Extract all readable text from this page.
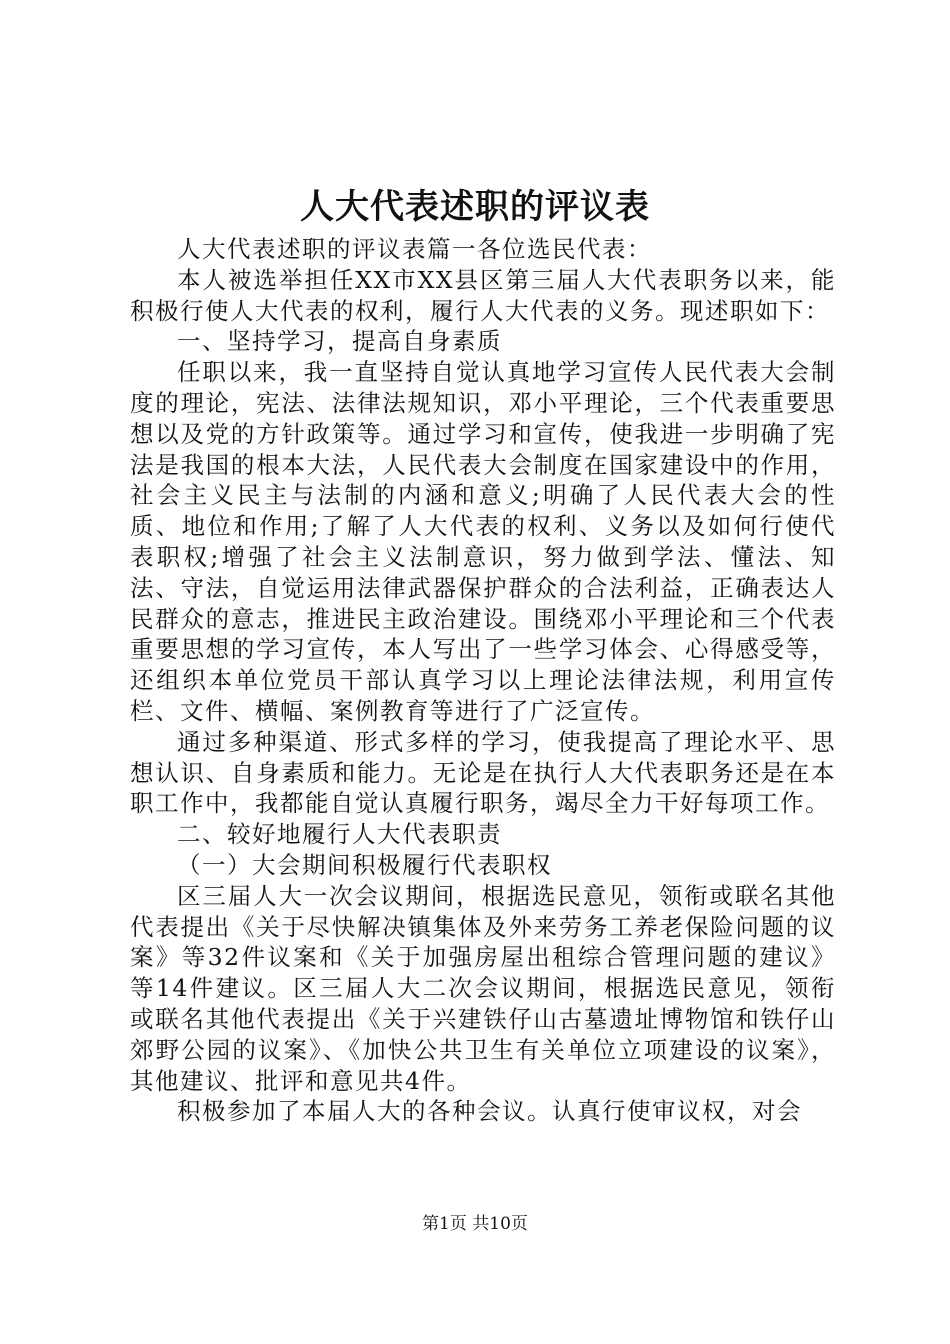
人大代表述职的评议表

人大代表述职的评议表篇一各位选民代表：

本人被选举担任XX市XX县区第三届人大代表职务以来，能积极行使人大代表的权利，履行人大代表的义务。现述职如下：

一、坚持学习，提高自身素质

任职以来，我一直坚持自觉认真地学习宣传人民代表大会制度的理论，宪法、法律法规知识，邓小平理论，三个代表重要思想以及党的方针政策等。通过学习和宣传，使我进一步明确了宪法是我国的根本大法，人民代表大会制度在国家建设中的作用，社会主义民主与法制的内涵和意义;明确了人民代表大会的性质、地位和作用;了解了人大代表的权利、义务以及如何行使代表职权;增强了社会主义法制意识，努力做到学法、懂法、知法、守法，自觉运用法律武器保护群众的合法利益，正确表达人民群众的意志，推进民主政治建设。围绕邓小平理论和三个代表重要思想的学习宣传，本人写出了一些学习体会、心得感受等，还组织本单位党员干部认真学习以上理论法律法规，利用宣传栏、文件、横幅、案例教育等进行了广泛宣传。

通过多种渠道、形式多样的学习，使我提高了理论水平、思想认识、自身素质和能力。无论是在执行人大代表职务还是在本职工作中，我都能自觉认真履行职务，竭尽全力干好每项工作。

二、较好地履行人大代表职责

（一）大会期间积极履行代表职权

区三届人大一次会议期间，根据选民意见，领衔或联名其他代表提出《关于尽快解决镇集体及外来劳务工养老保险问题的议案》等32件议案和《关于加强房屋出租综合管理问题的建议》等14件建议。区三届人大二次会议期间，根据选民意见，领衔或联名其他代表提出《关于兴建铁仔山古墓遗址博物馆和铁仔山郊野公园的议案》、《加快公共卫生有关单位立项建设的议案》，其他建议、批评和意见共4件。

积极参加了本届人大的各种会议。认真行使审议权，对会

第1页 共10页
